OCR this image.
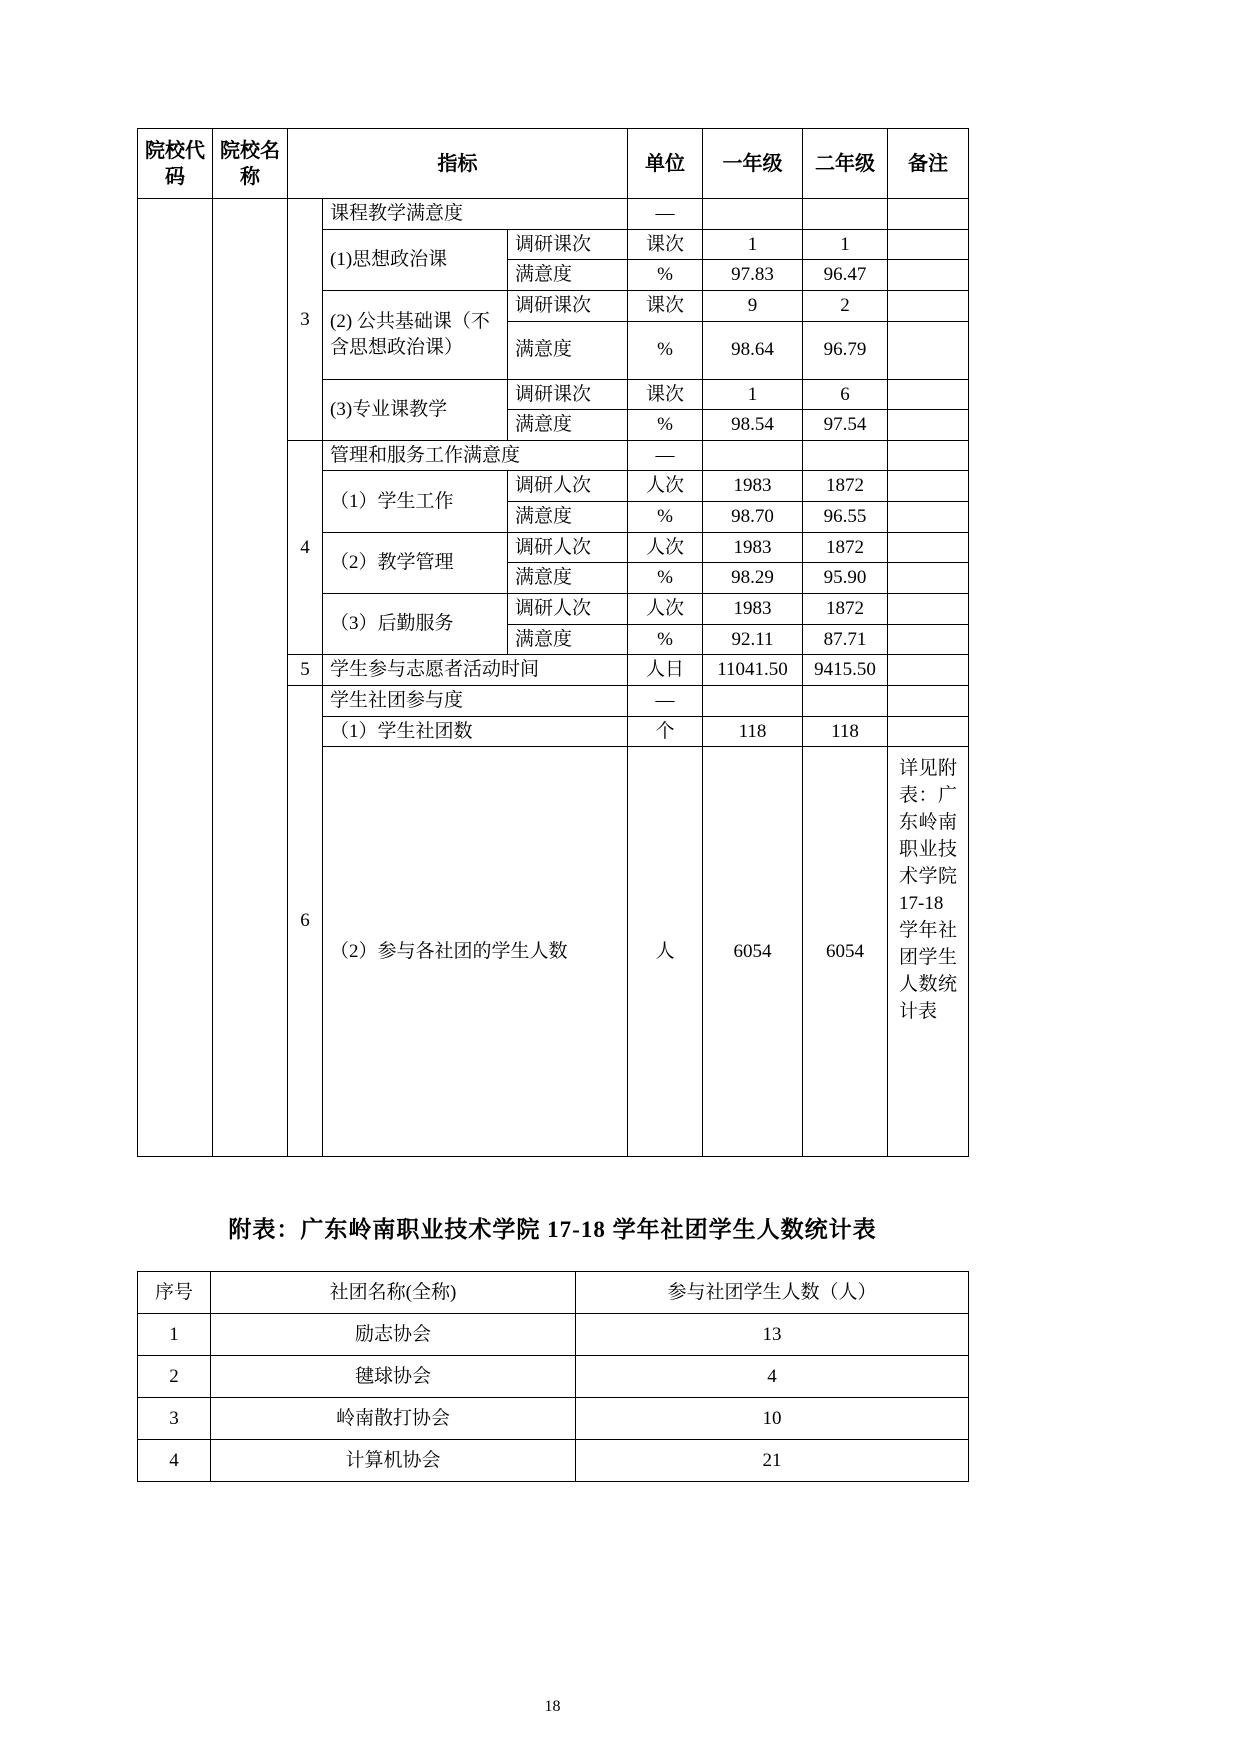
院校代码	院校名称	指标			单位	一年级	二年级	备注
		3	课程教学满意度		—			
			(1)思想政治课	调研课次	课次	1	1	
				满意度	%	97.83	96.47	
			(2) 公共基础课（不含思想政治课）	调研课次	课次	9	2	
				满意度	%	98.64	96.79	
			(3)专业课教学	调研课次	课次	1	6	
				满意度	%	98.54	97.54	
		4	管理和服务工作满意度		—			
			（1）学生工作	调研人次	人次	1983	1872	
				满意度	%	98.70	96.55	
			（2）教学管理	调研人次	人次	1983	1872	
				满意度	%	98.29	95.90	
			（3）后勤服务	调研人次	人次	1983	1872	
				满意度	%	92.11	87.71	
		5	学生参与志愿者活动时间		人日	11041.50	9415.50	
		6	学生社团参与度		—			
			（1）学生社团数		个	118	118	
			（2）参与各社团的学生人数		人	6054	6054	详见附表：广东岭南职业技术学院17-18学年社团学生人数统计表
附表：广东岭南职业技术学院 17-18 学年社团学生人数统计表
序号	社团名称(全称)	参与社团学生人数（人）
1	励志协会	13
2	毽球协会	4
3	岭南散打协会	10
4	计算机协会	21
18
